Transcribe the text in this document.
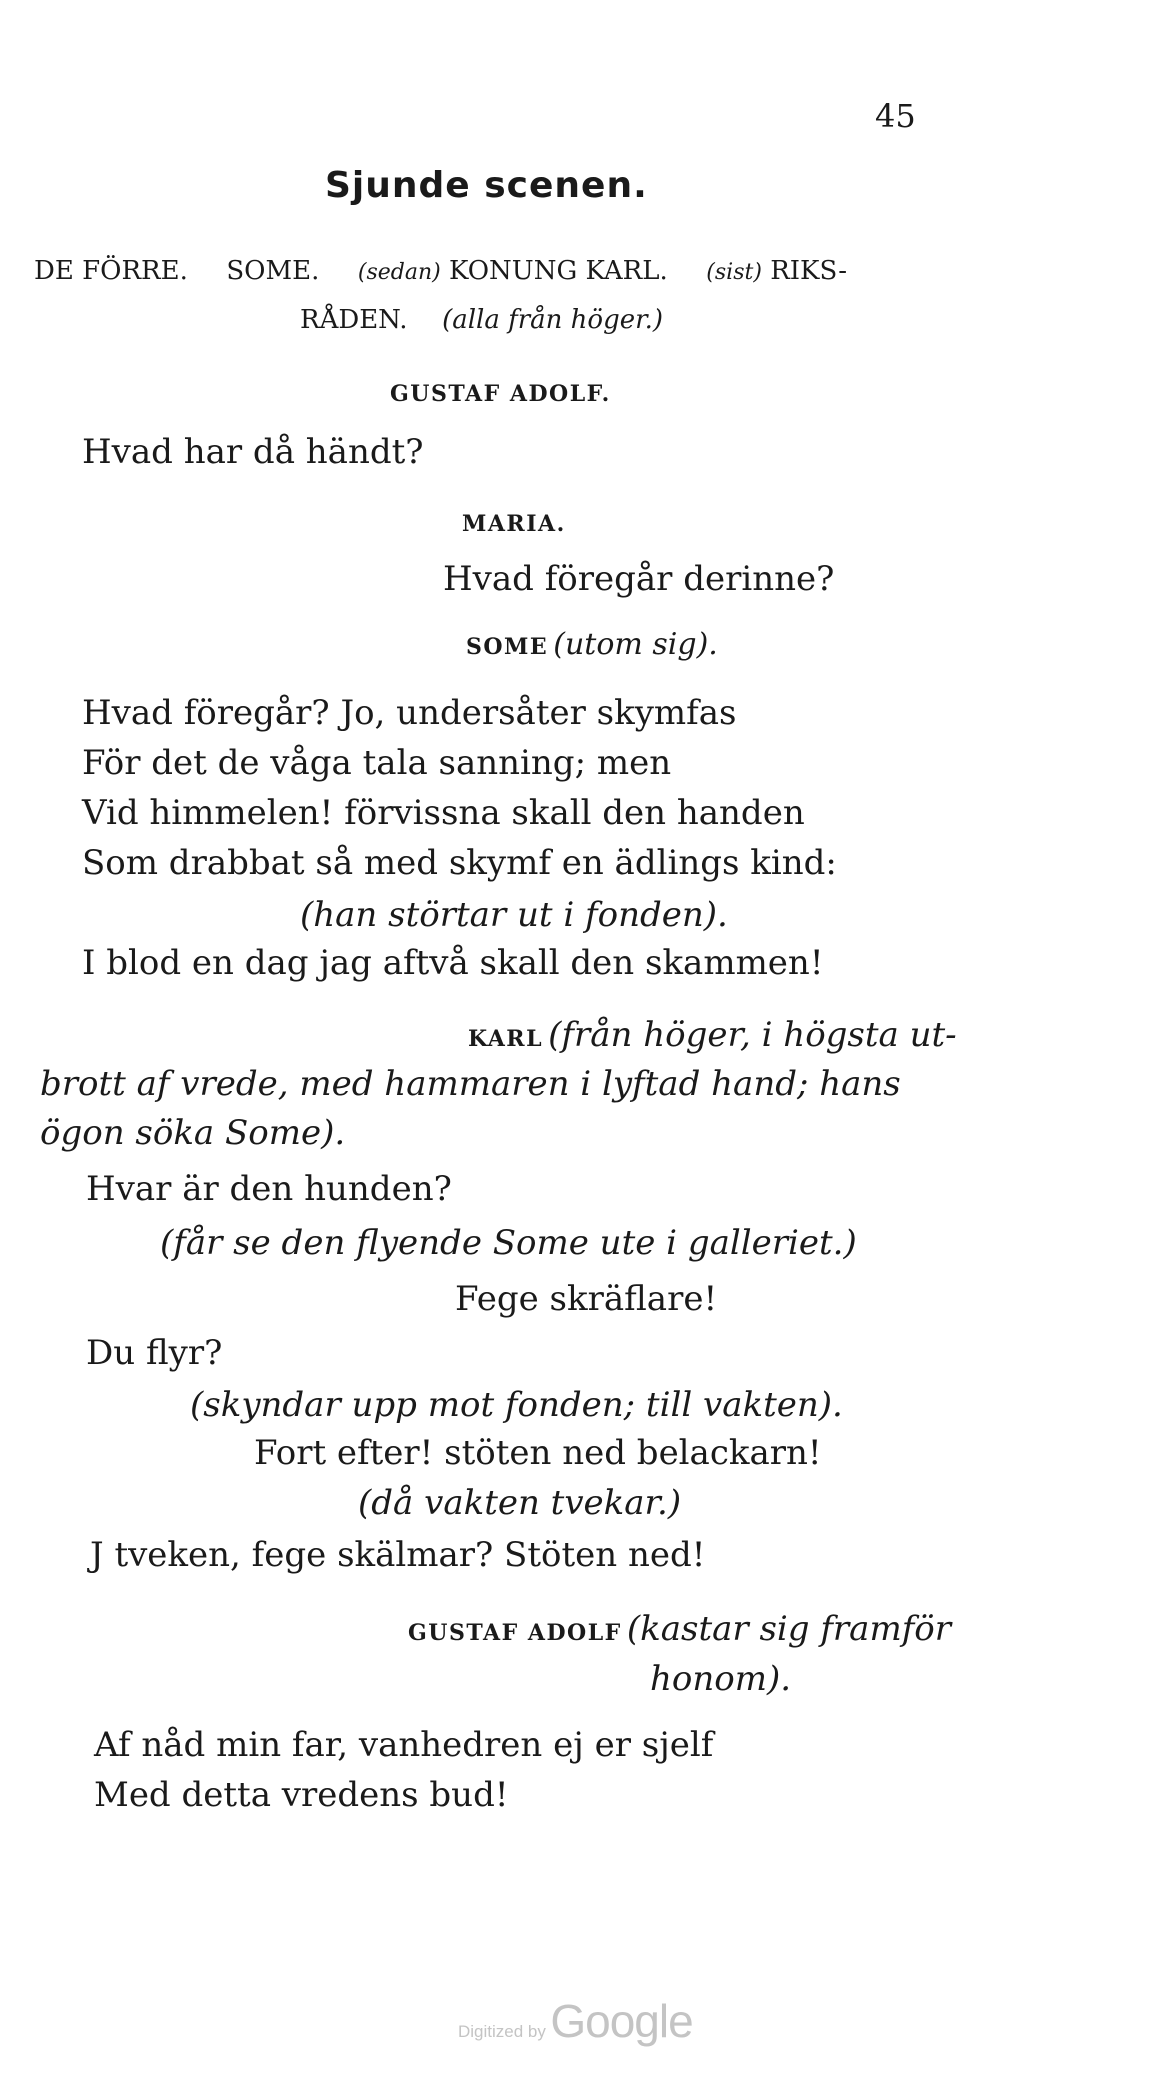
45
Sjunde scenen.
DE FÖRRE. SOME. (sedan) KONUNG KARL. (sist) RIKS-
RÅDEN. (alla från höger.)
GUSTAF ADOLF.
Hvad har då händt?
MARIA.
Hvad föregår derinne?
SOME (utom sig).
Hvad föregår? Jo, undersåter skymfas
För det de våga tala sanning; men
Vid himmelen! förvissna skall den handen
Som drabbat så med skymf en ädlings kind:
(han störtar ut i fonden).
I blod en dag jag aftvå skall den skammen!
KARL (från höger, i högsta ut-
brott af vrede, med hammaren i lyftad hand; hans
ögon söka Some).
Hvar är den hunden?
(får se den flyende Some ute i galleriet.)
Fege skräflare!
Du flyr?
(skyndar upp mot fonden; till vakten).
Fort efter! stöten ned belackarn!
(då vakten tvekar.)
J tveken, fege skälmar? Stöten ned!
GUSTAF ADOLF (kastar sig framför
honom).
Af nåd min far, vanhedren ej er sjelf
Med detta vredens bud!
Digitized by Google
